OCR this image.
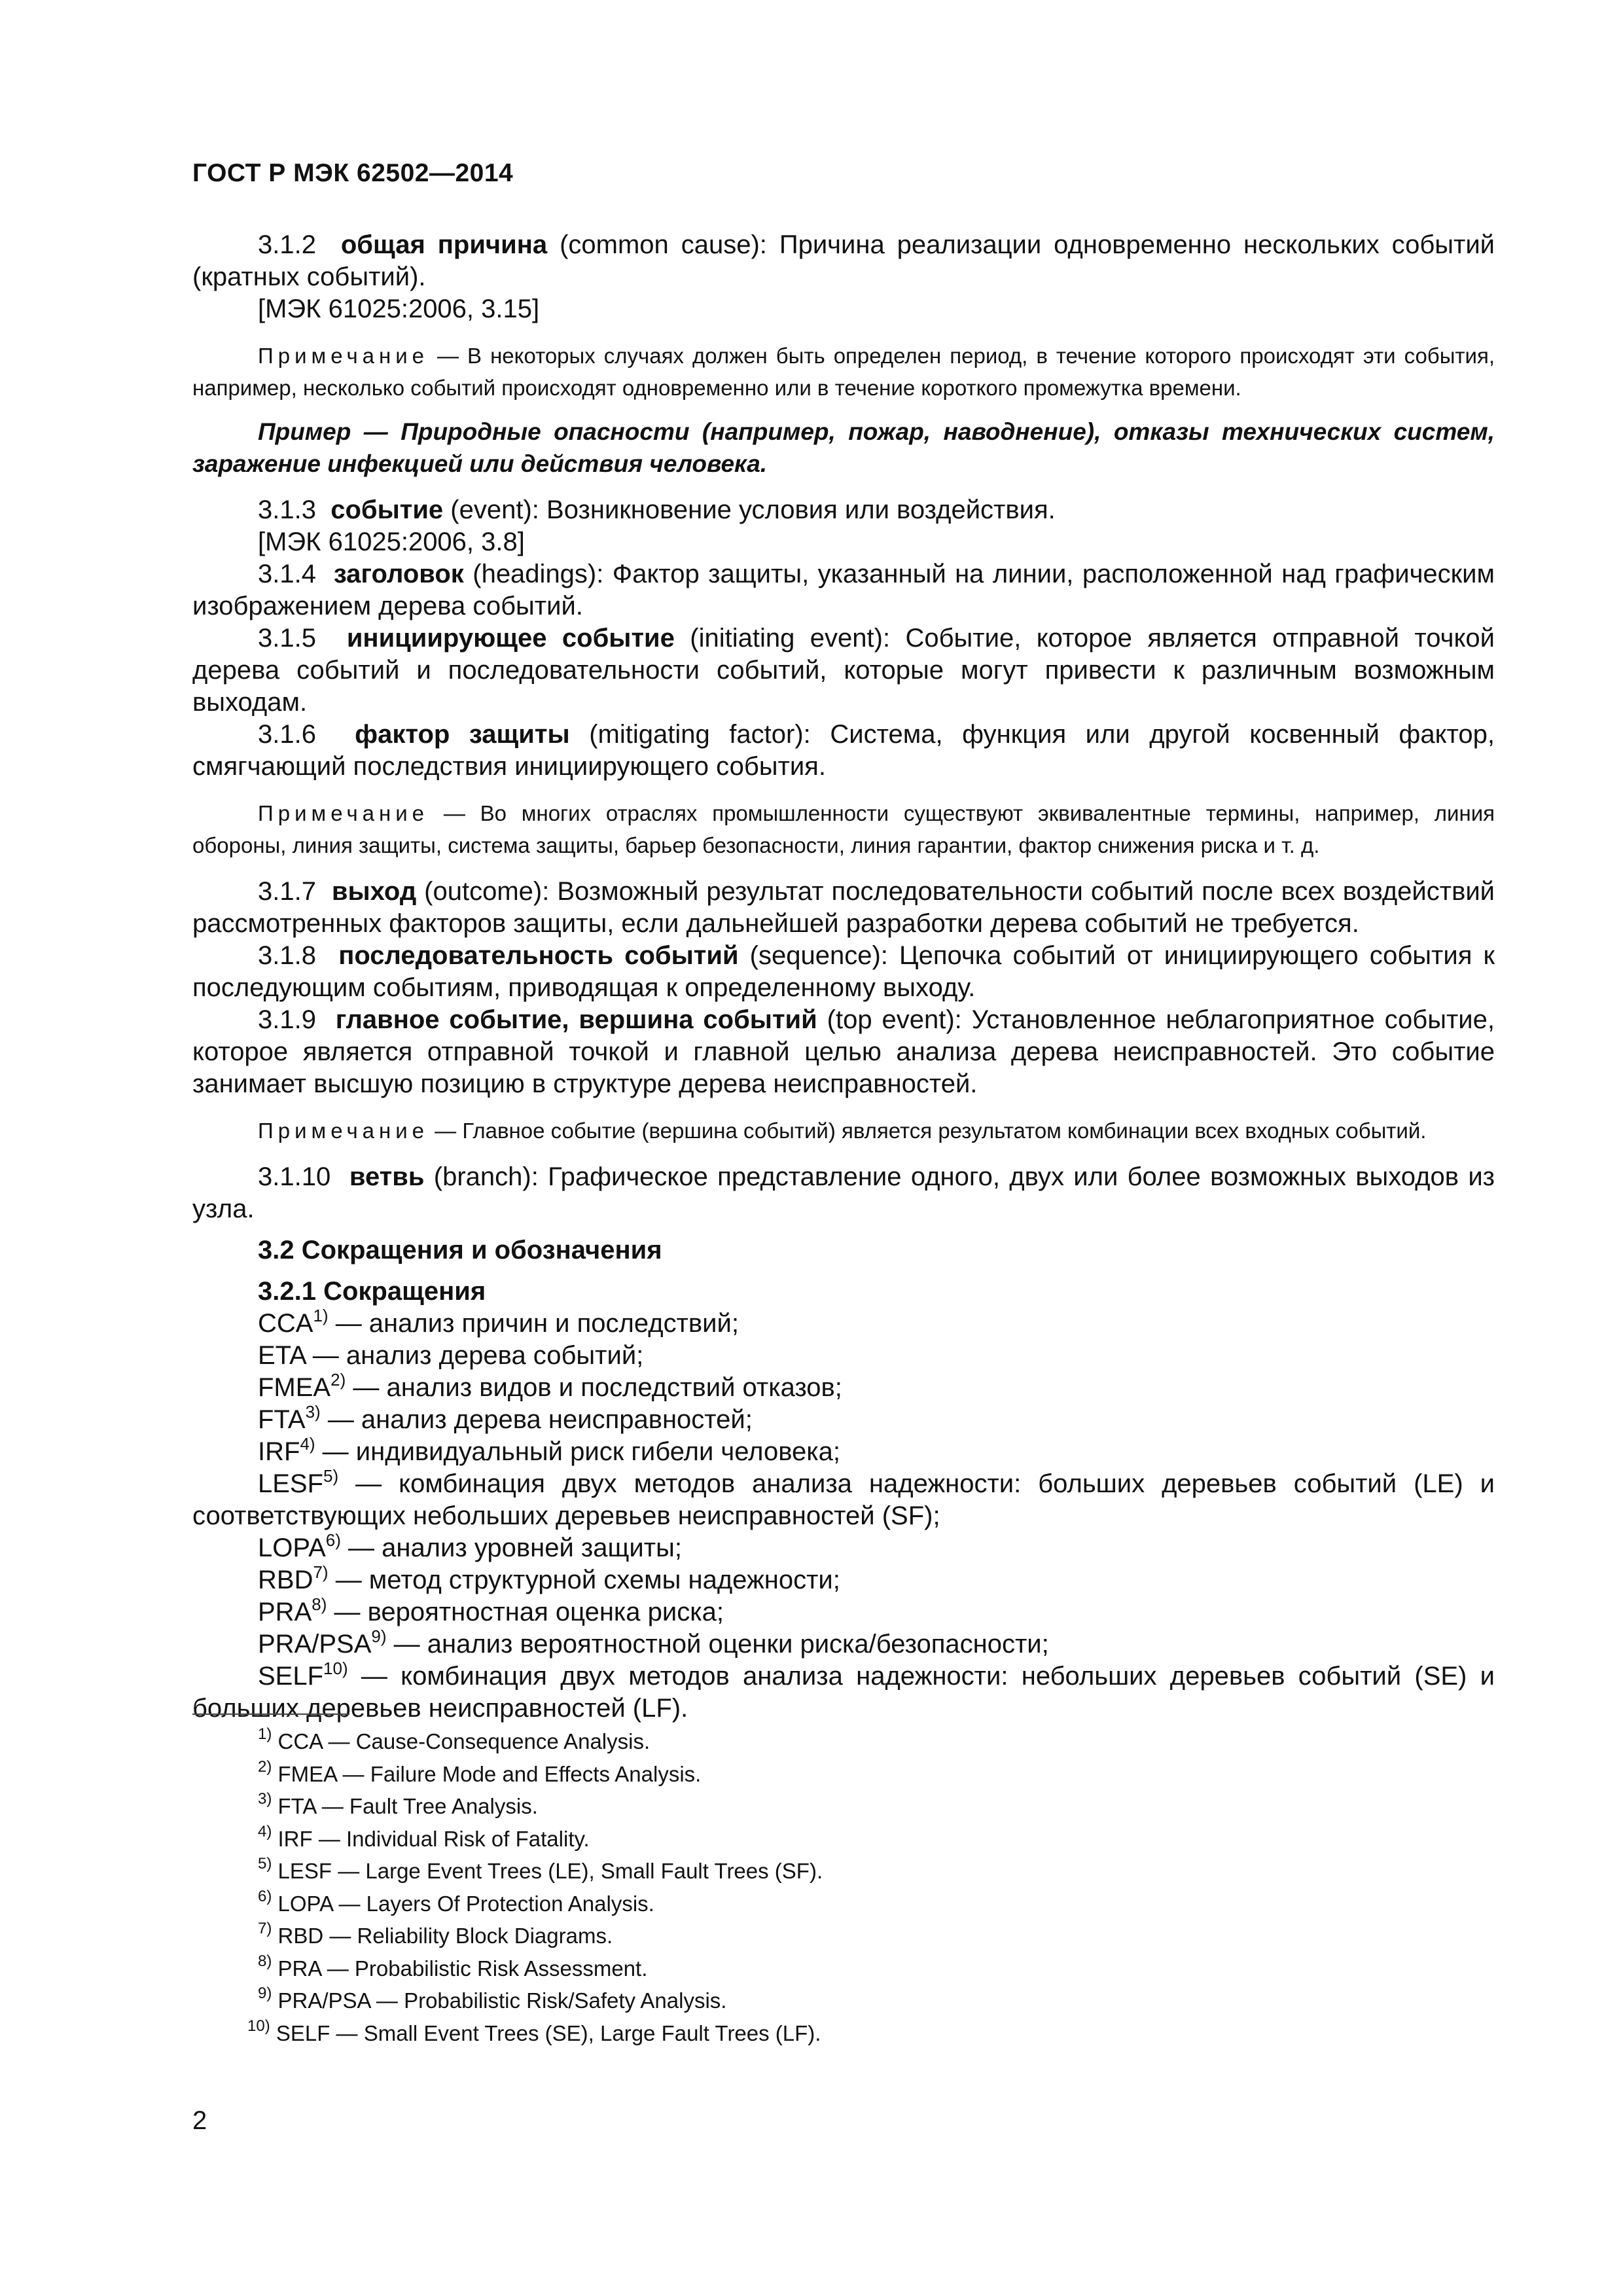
ГОСТ Р МЭК 62502—2014

3.1.2 общая причина (common cause): Причина реализации одновременно нескольких событий (кратных событий).

[МЭК 61025:2006, 3.15]

Примечание — В некоторых случаях должен быть определен период, в течение которого происходят эти события, например, несколько событий происходят одновременно или в течение короткого промежутка времени.

Пример — Природные опасности (например, пожар, наводнение), отказы технических систем, заражение инфекцией или действия человека.

3.1.3 событие (event): Возникновение условия или воздействия.

[МЭК 61025:2006, 3.8]

3.1.4 заголовок (headings): Фактор защиты, указанный на линии, расположенной над графическим изображением дерева событий.

3.1.5 инициирующее событие (initiating event): Событие, которое является отправной точкой дерева событий и последовательности событий, которые могут привести к различным возможным выходам.

3.1.6 фактор защиты (mitigating factor): Система, функция или другой косвенный фактор, смягчающий последствия инициирующего события.

Примечание — Во многих отраслях промышленности существуют эквивалентные термины, например, линия обороны, линия защиты, система защиты, барьер безопасности, линия гарантии, фактор снижения риска и т. д.

3.1.7 выход (outcome): Возможный результат последовательности событий после всех воздействий рассмотренных факторов защиты, если дальнейшей разработки дерева событий не требуется.

3.1.8 последовательность событий (sequence): Цепочка событий от инициирующего события к последующим событиям, приводящая к определенному выходу.

3.1.9 главное событие, вершина событий (top event): Установленное неблагоприятное событие, которое является отправной точкой и главной целью анализа дерева неисправностей. Это событие занимает высшую позицию в структуре дерева неисправностей.

Примечание — Главное событие (вершина событий) является результатом комбинации всех входных событий.

3.1.10 ветвь (branch): Графическое представление одного, двух или более возможных выходов из узла.

3.2 Сокращения и обозначения

3.2.1 Сокращения

CCA$^{1)}$ — анализ причин и последствий;

ETA — анализ дерева событий;

FMEA$^{2)}$ — анализ видов и последствий отказов;

FTA$^{3)}$ — анализ дерева неисправностей;

IRF$^{4)}$ — индивидуальный риск гибели человека;

LESF$^{5)}$ — комбинация двух методов анализа надежности: больших деревьев событий (LE) и соответствующих небольших деревьев неисправностей (SF);

LOPA$^{6)}$ — анализ уровней защиты;

RBD$^{7)}$ — метод структурной схемы надежности;

PRA$^{8)}$ — вероятностная оценка риска;

PRA/PSA$^{9)}$ — анализ вероятностной оценки риска/безопасности;

SELF$^{10)}$ — комбинация двух методов анализа надежности: небольших деревьев событий (SE) и больших деревьев неисправностей (LF).

$^{1)}$ CCA — Cause-Consequence Analysis.
$^{2)}$ FMEA — Failure Mode and Effects Analysis.
$^{3)}$ FTA — Fault Tree Analysis.
$^{4)}$ IRF — Individual Risk of Fatality.
$^{5)}$ LESF — Large Event Trees (LE), Small Fault Trees (SF).
$^{6)}$ LOPA — Layers Of Protection Analysis.
$^{7)}$ RBD — Reliability Block Diagrams.
$^{8)}$ PRA — Probabilistic Risk Assessment.
$^{9)}$ PRA/PSA — Probabilistic Risk/Safety Analysis.
$^{10)}$ SELF — Small Event Trees (SE), Large Fault Trees (LF).
2
